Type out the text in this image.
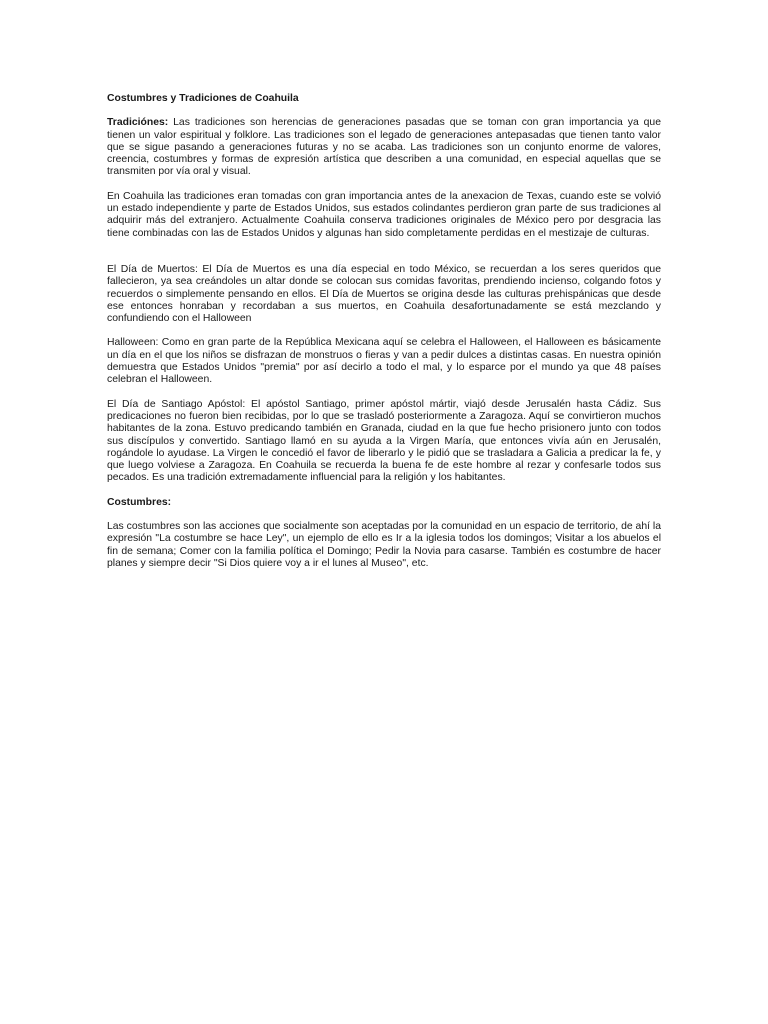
Costumbres y Tradiciones de Coahuila

Tradiciónes: Las tradiciones son herencias de generaciones pasadas que se toman con gran importancia ya que tienen un valor espiritual y folklore. Las tradiciones son el legado de generaciones antepasadas que tienen tanto valor que se sigue pasando a generaciones futuras y no se acaba. Las tradiciones son un conjunto enorme de valores, creencia, costumbres y formas de expresión artística que describen a una comunidad, en especial aquellas que se transmiten por vía oral y visual.

En Coahuila las tradiciones eran tomadas con gran importancia antes de la anexacion de Texas, cuando este se volvió un estado independiente y parte de Estados Unidos, sus estados colindantes perdieron gran parte de sus tradiciones al adquirir más del extranjero. Actualmente Coahuila conserva tradiciones originales de México pero por desgracia las tiene combinadas con las de Estados Unidos y algunas han sido completamente perdidas en el mestizaje de culturas.

El Día de Muertos: El Día de Muertos es una día especial en todo México, se recuerdan a los seres queridos que fallecieron, ya sea creándoles un altar donde se colocan sus comidas favoritas, prendiendo incienso, colgando fotos y recuerdos o simplemente pensando en ellos. El Día de Muertos se origina desde las culturas prehispánicas que desde ese entonces honraban y recordaban a sus muertos, en Coahuila desafortunadamente se está mezclando y confundiendo con el Halloween

Halloween: Como en gran parte de la República Mexicana aquí se celebra el Halloween, el Halloween es básicamente un día en el que los niños se disfrazan de monstruos o fieras y van a pedir dulces a distintas casas. En nuestra opinión demuestra que Estados Unidos "premia" por así decirlo a todo el mal, y lo esparce por el mundo ya que 48 países celebran el Halloween.

El Día de Santiago Apóstol: El apóstol Santiago, primer apóstol mártir, viajó desde Jerusalén hasta Cádiz. Sus predicaciones no fueron bien recibidas, por lo que se trasladó posteriormente a Zaragoza. Aquí se convirtieron muchos habitantes de la zona. Estuvo predicando también en Granada, ciudad en la que fue hecho prisionero junto con todos sus discípulos y convertido. Santiago llamó en su ayuda a la Virgen María, que entonces vivía aún en Jerusalén, rogándole lo ayudase. La Virgen le concedió el favor de liberarlo y le pidió que se trasladara a Galicia a predicar la fe, y que luego volviese a Zaragoza. En Coahuila se recuerda la buena fe de este hombre al rezar y confesarle todos sus pecados. Es una tradición extremadamente influencial para la religión y los habitantes.

Costumbres:

Las costumbres son las acciones que socialmente son aceptadas por la comunidad en un espacio de territorio, de ahí la expresión "La costumbre se hace Ley", un ejemplo de ello es Ir a la iglesia todos los domingos; Visitar a los abuelos el fin de semana; Comer con la familia política el Domingo; Pedir la Novia para casarse. También es costumbre de hacer planes y siempre decir "Si Dios quiere voy a ir el lunes al Museo", etc.
